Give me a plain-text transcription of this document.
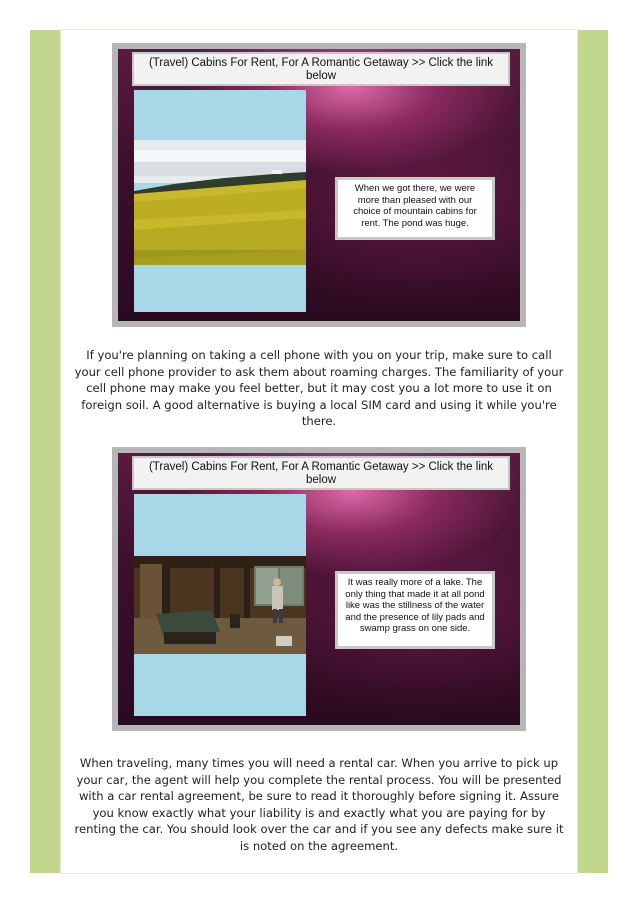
(Travel) Cabins For Rent, For A Romantic Getaway >> Click the link below
When we got there, we were more than pleased with our choice of mountain cabins for rent. The pond was huge.
If you're planning on taking a cell phone with you on your trip, make sure to call your cell phone provider to ask them about roaming charges. The familiarity of your cell phone may make you feel better, but it may cost you a lot more to use it on foreign soil. A good alternative is buying a local SIM card and using it while you're there.
(Travel) Cabins For Rent, For A Romantic Getaway >> Click the link below
It was really more of a lake. The only thing that made it at all pond like was the stillness of the water and the presence of lily pads and swamp grass on one side.
When traveling, many times you will need a rental car. When you arrive to pick up your car, the agent will help you complete the rental process. You will be presented with a car rental agreement, be sure to read it thoroughly before signing it. Assure you know exactly what your liability is and exactly what you are paying for by renting the car. You should look over the car and if you see any defects make sure it is noted on the agreement.
